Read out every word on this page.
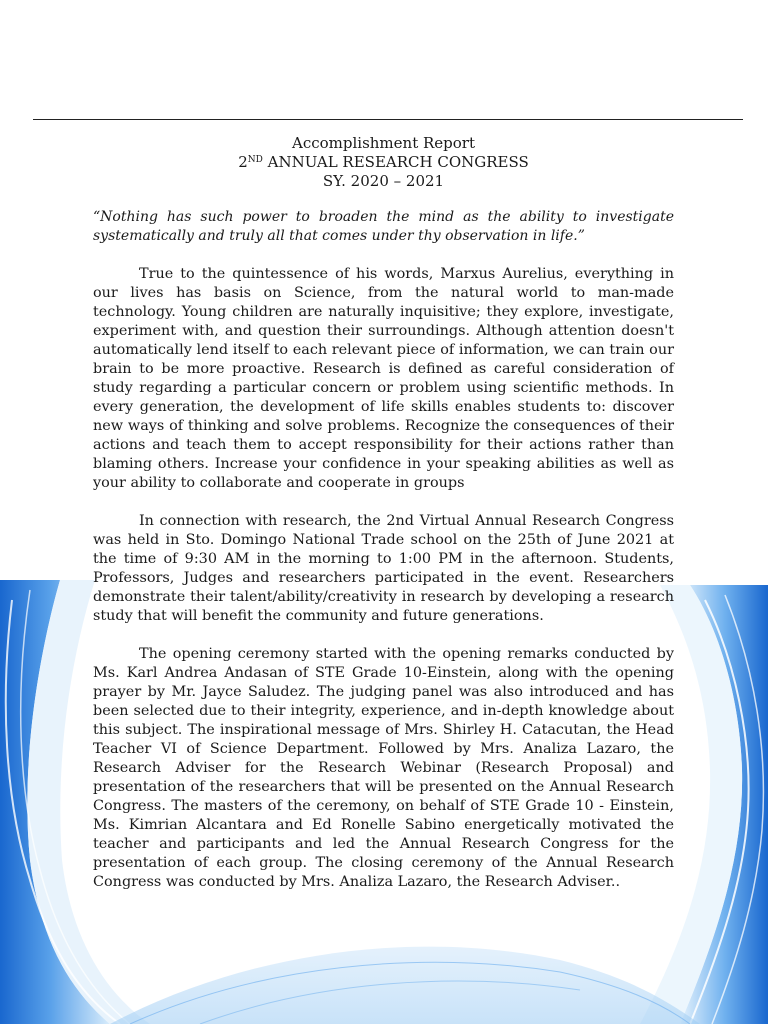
Accomplishment Report

2ND ANNUAL RESEARCH CONGRESS

SY. 2020 – 2021

“Nothing has such power to broaden the mind as the ability to investigate systematically and truly all that comes under thy observation in life.”

True to the quintessence of his words, Marxus Aurelius, everything in our lives has basis on Science, from the natural world to man-made technology. Young children are naturally inquisitive; they explore, investigate, experiment with, and question their surroundings. Although attention doesn't automatically lend itself to each relevant piece of information, we can train our brain to be more proactive. Research is defined as careful consideration of study regarding a particular concern or problem using scientific methods. In every generation, the development of life skills enables students to: discover new ways of thinking and solve problems. Recognize the consequences of their actions and teach them to accept responsibility for their actions rather than blaming others. Increase your confidence in your speaking abilities as well as your ability to collaborate and cooperate in groups

In connection with research, the 2nd Virtual Annual Research Congress was held in Sto. Domingo National Trade school on the 25th of June 2021 at the time of 9:30 AM in the morning to 1:00 PM in the afternoon. Students, Professors, Judges and researchers participated in the event. Researchers demonstrate their talent/ability/creativity in research by developing a research study that will benefit the community and future generations.

The opening ceremony started with the opening remarks conducted by Ms. Karl Andrea Andasan of STE Grade 10-Einstein, along with the opening prayer by Mr. Jayce Saludez. The judging panel was also introduced and has been selected due to their integrity, experience, and in-depth knowledge about this subject. The inspirational message of Mrs. Shirley H. Catacutan, the Head Teacher VI of Science Department. Followed by Mrs. Analiza Lazaro, the Research Adviser for the Research Webinar (Research Proposal) and presentation of the researchers that will be presented on the Annual Research Congress. The masters of the ceremony, on behalf of STE Grade 10 - Einstein, Ms. Kimrian Alcantara and Ed Ronelle Sabino energetically motivated the teacher and participants and led the Annual Research Congress for the presentation of each group. The closing ceremony of the Annual Research Congress was conducted by Mrs. Analiza Lazaro, the Research Adviser..
